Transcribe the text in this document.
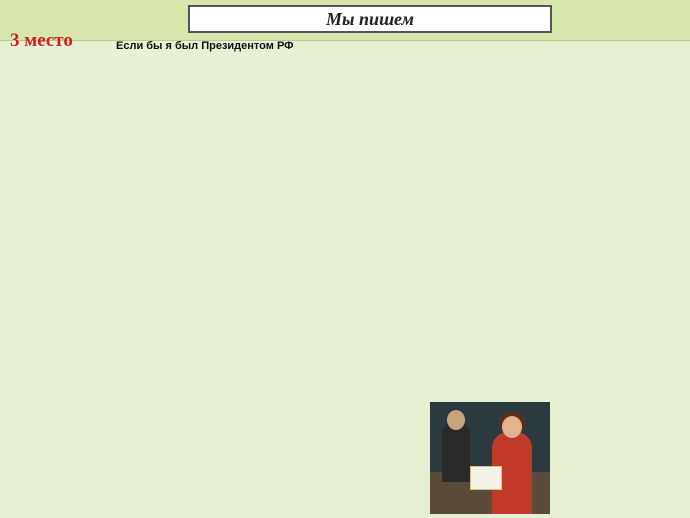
Мы пишем
3 место	Если бы я был Президентом РФ
